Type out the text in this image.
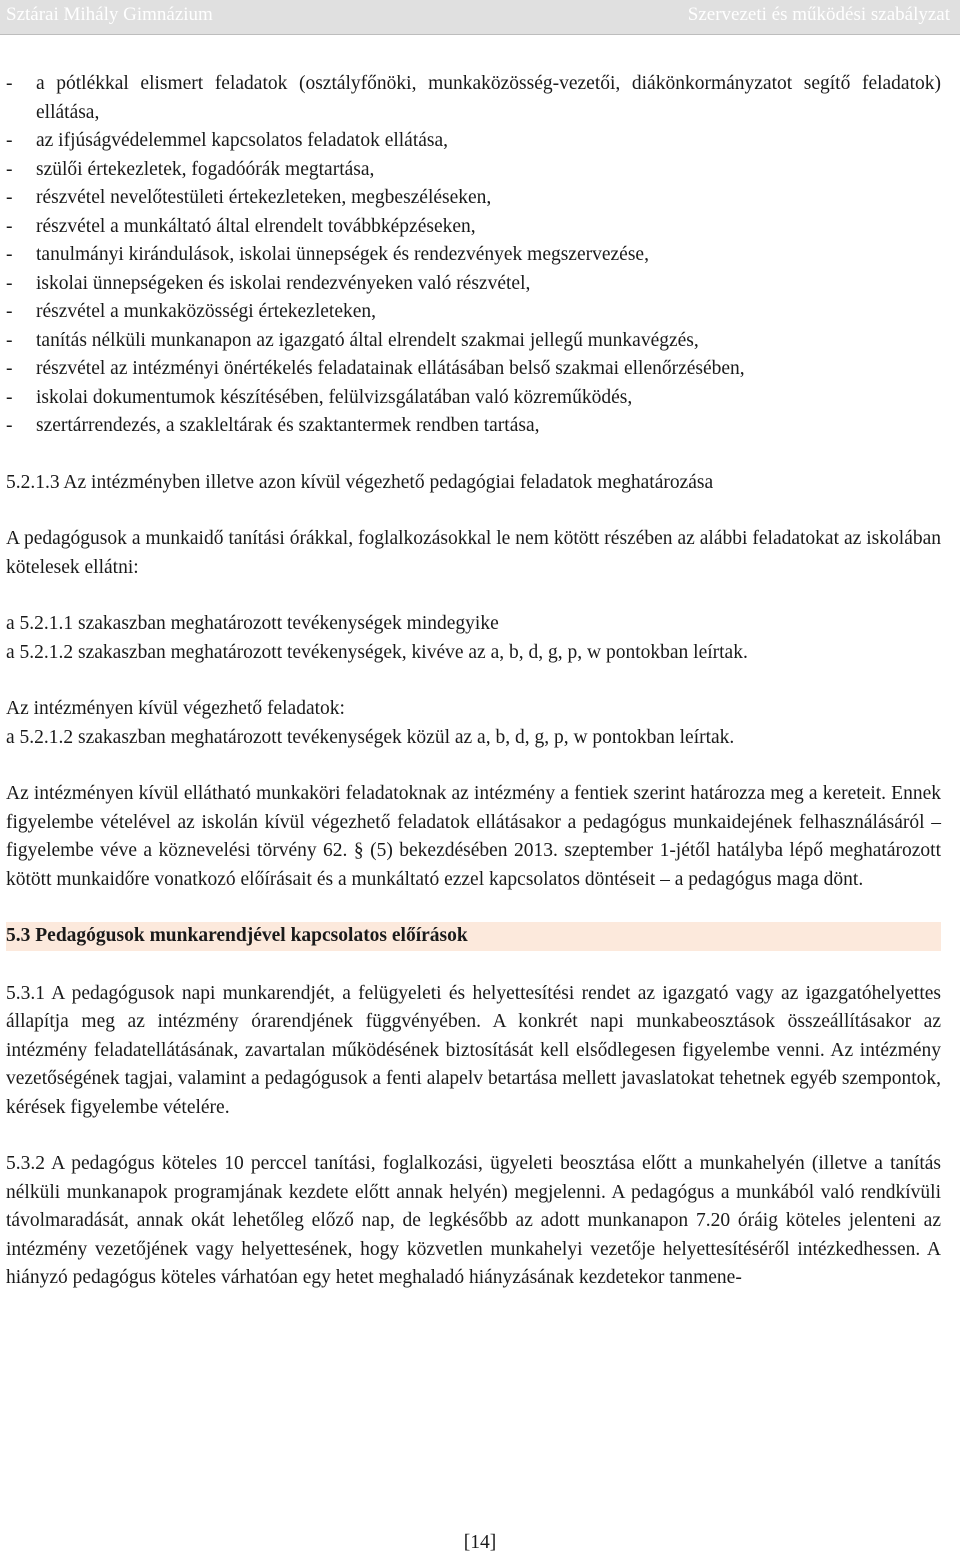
Sztárai Mihály Gimnázium	Szervezeti és működési szabályzat
- a pótlékkal elismert feladatok (osztályfőnöki, munkaközösség-vezetői, diákönkormányzatot segítő feladatok) ellátása,
- az ifjúságvédelemmel kapcsolatos feladatok ellátása,
- szülői értekezletek, fogadóórák megtartása,
- részvétel nevelőtestületi értekezleteken, megbeszéléseken,
- részvétel a munkáltató által elrendelt továbbképzéseken,
- tanulmányi kirándulások, iskolai ünnepségek és rendezvények megszervezése,
- iskolai ünnepségeken és iskolai rendezvényeken való részvétel,
- részvétel a munkaközösségi értekezleteken,
- tanítás nélküli munkanapon az igazgató által elrendelt szakmai jellegű munkavégzés,
- részvétel az intézményi önértékelés feladatainak ellátásában belső szakmai ellenőrzésében,
- iskolai dokumentumok készítésében, felülvizsgálatában való közreműködés,
- szertárrendezés, a szakleltárak és szaktantermek rendben tartása,

5.2.1.3 Az intézményben illetve azon kívül végezhető pedagógiai feladatok meghatározása

A pedagógusok a munkaidő tanítási órákkal, foglalkozásokkal le nem kötött részében az alábbi feladatokat az iskolában kötelesek ellátni:

a 5.2.1.1 szakaszban meghatározott tevékenységek mindegyike

a 5.2.1.2 szakaszban meghatározott tevékenységek, kivéve az a, b, d, g, p, w pontokban leírtak.

Az intézményen kívül végezhető feladatok:

a 5.2.1.2 szakaszban meghatározott tevékenységek közül az a, b, d, g, p, w pontokban leírtak.

Az intézményen kívül ellátható munkaköri feladatoknak az intézmény a fentiek szerint határozza meg a kereteit. Ennek figyelembe vételével az iskolán kívül végezhető feladatok ellátásakor a pedagógus munkaidejének felhasználásáról – figyelembe véve a köznevelési törvény 62. § (5) bekezdésében 2013. szeptember 1-jétől hatályba lépő meghatározott kötött munkaidőre vonatkozó előírásait és a munkáltató ezzel kapcsolatos döntéseit – a pedagógus maga dönt.

5.3 Pedagógusok munkarendjével kapcsolatos előírások

5.3.1 A pedagógusok napi munkarendjét, a felügyeleti és helyettesítési rendet az igazgató vagy az igazgatóhelyettes állapítja meg az intézmény órarendjének függvényében. A konkrét napi munkabeosztások összeállításakor az intézmény feladatellátásának, zavartalan működésének biztosítását kell elsődlegesen figyelembe venni. Az intézmény vezetőségének tagjai, valamint a pedagógusok a fenti alapelv betartása mellett javaslatokat tehetnek egyéb szempontok, kérések figyelembe vételére.

5.3.2 A pedagógus köteles 10 perccel tanítási, foglalkozási, ügyeleti beosztása előtt a munkahelyén (illetve a tanítás nélküli munkanapok programjának kezdete előtt annak helyén) megjelenni. A pedagógus a munkából való rendkívüli távolmaradását, annak okát lehetőleg előző nap, de legkésőbb az adott munkanapon 7.20 óráig köteles jelenteni az intézmény vezetőjének vagy helyettesének, hogy közvetlen munkahelyi vezetője helyettesítéséről intézkedhessen. A hiányzó pedagógus köteles várhatóan egy hetet meghaladó hiányzásának kezdetekor tanmene-

[14]
